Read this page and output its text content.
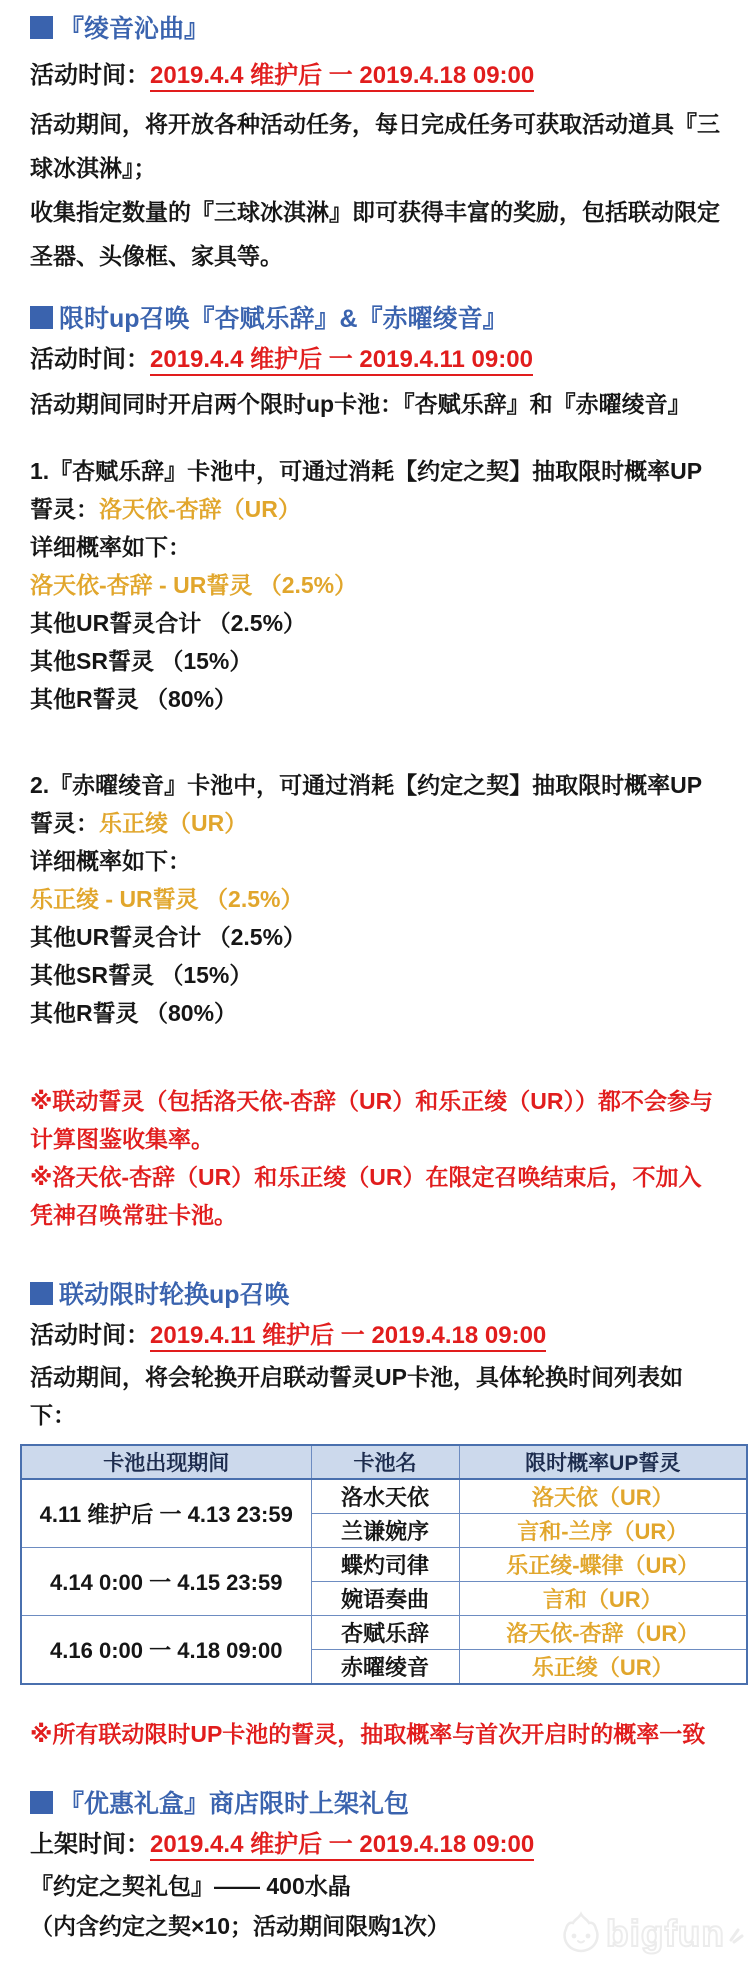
『绫音沁曲』

活动时间：2019.4.4 维护后 一 2019.4.18 09:00

活动期间，将开放各种活动任务，每日完成任务可获取活动道具『三球冰淇淋』；

收集指定数量的『三球冰淇淋』即可获得丰富的奖励，包括联动限定圣器、头像框、家具等。

限时up召唤『杏赋乐辞』&『赤曜绫音』

活动时间：2019.4.4 维护后 一 2019.4.11 09:00

活动期间同时开启两个限时up卡池：『杏赋乐辞』和『赤曜绫音』

1.『杏赋乐辞』卡池中，可通过消耗【约定之契】抽取限时概率UP誓灵：洛天依-杏辞（UR）

详细概率如下：

洛天依-杏辞 - UR誓灵 （2.5%）

其他UR誓灵合计 （2.5%）

其他SR誓灵 （15%）

其他R誓灵 （80%）

2.『赤曜绫音』卡池中，可通过消耗【约定之契】抽取限时概率UP誓灵：乐正绫（UR）

详细概率如下：

乐正绫 - UR誓灵 （2.5%）

其他UR誓灵合计 （2.5%）

其他SR誓灵 （15%）

其他R誓灵 （80%）

※联动誓灵（包括洛天依-杏辞（UR）和乐正绫（UR））都不会参与计算图鉴收集率。

※洛天依-杏辞（UR）和乐正绫（UR）在限定召唤结束后，不加入凭神召唤常驻卡池。

联动限时轮换up召唤

活动时间：2019.4.11 维护后 一 2019.4.18 09:00

活动期间，将会轮换开启联动誓灵UP卡池，具体轮换时间列表如下：

卡池出现期间	卡池名	限时概率UP誓灵
4.11 维护后 一 4.13 23:59	洛水天依	洛天依（UR）
	兰谦婉序	言和-兰序（UR）
4.14 0:00 一 4.15 23:59	蝶灼司律	乐正绫-蝶律（UR）
	婉语奏曲	言和（UR）
4.16 0:00 一 4.18 09:00	杏赋乐辞	洛天依-杏辞（UR）
	赤曜绫音	乐正绫（UR）

※所有联动限时UP卡池的誓灵，抽取概率与首次开启时的概率一致

『优惠礼盒』商店限时上架礼包

上架时间：2019.4.4 维护后 一 2019.4.18 09:00

『约定之契礼包』—— 400水晶

（内含约定之契×10；活动期间限购1次）	bigfun
